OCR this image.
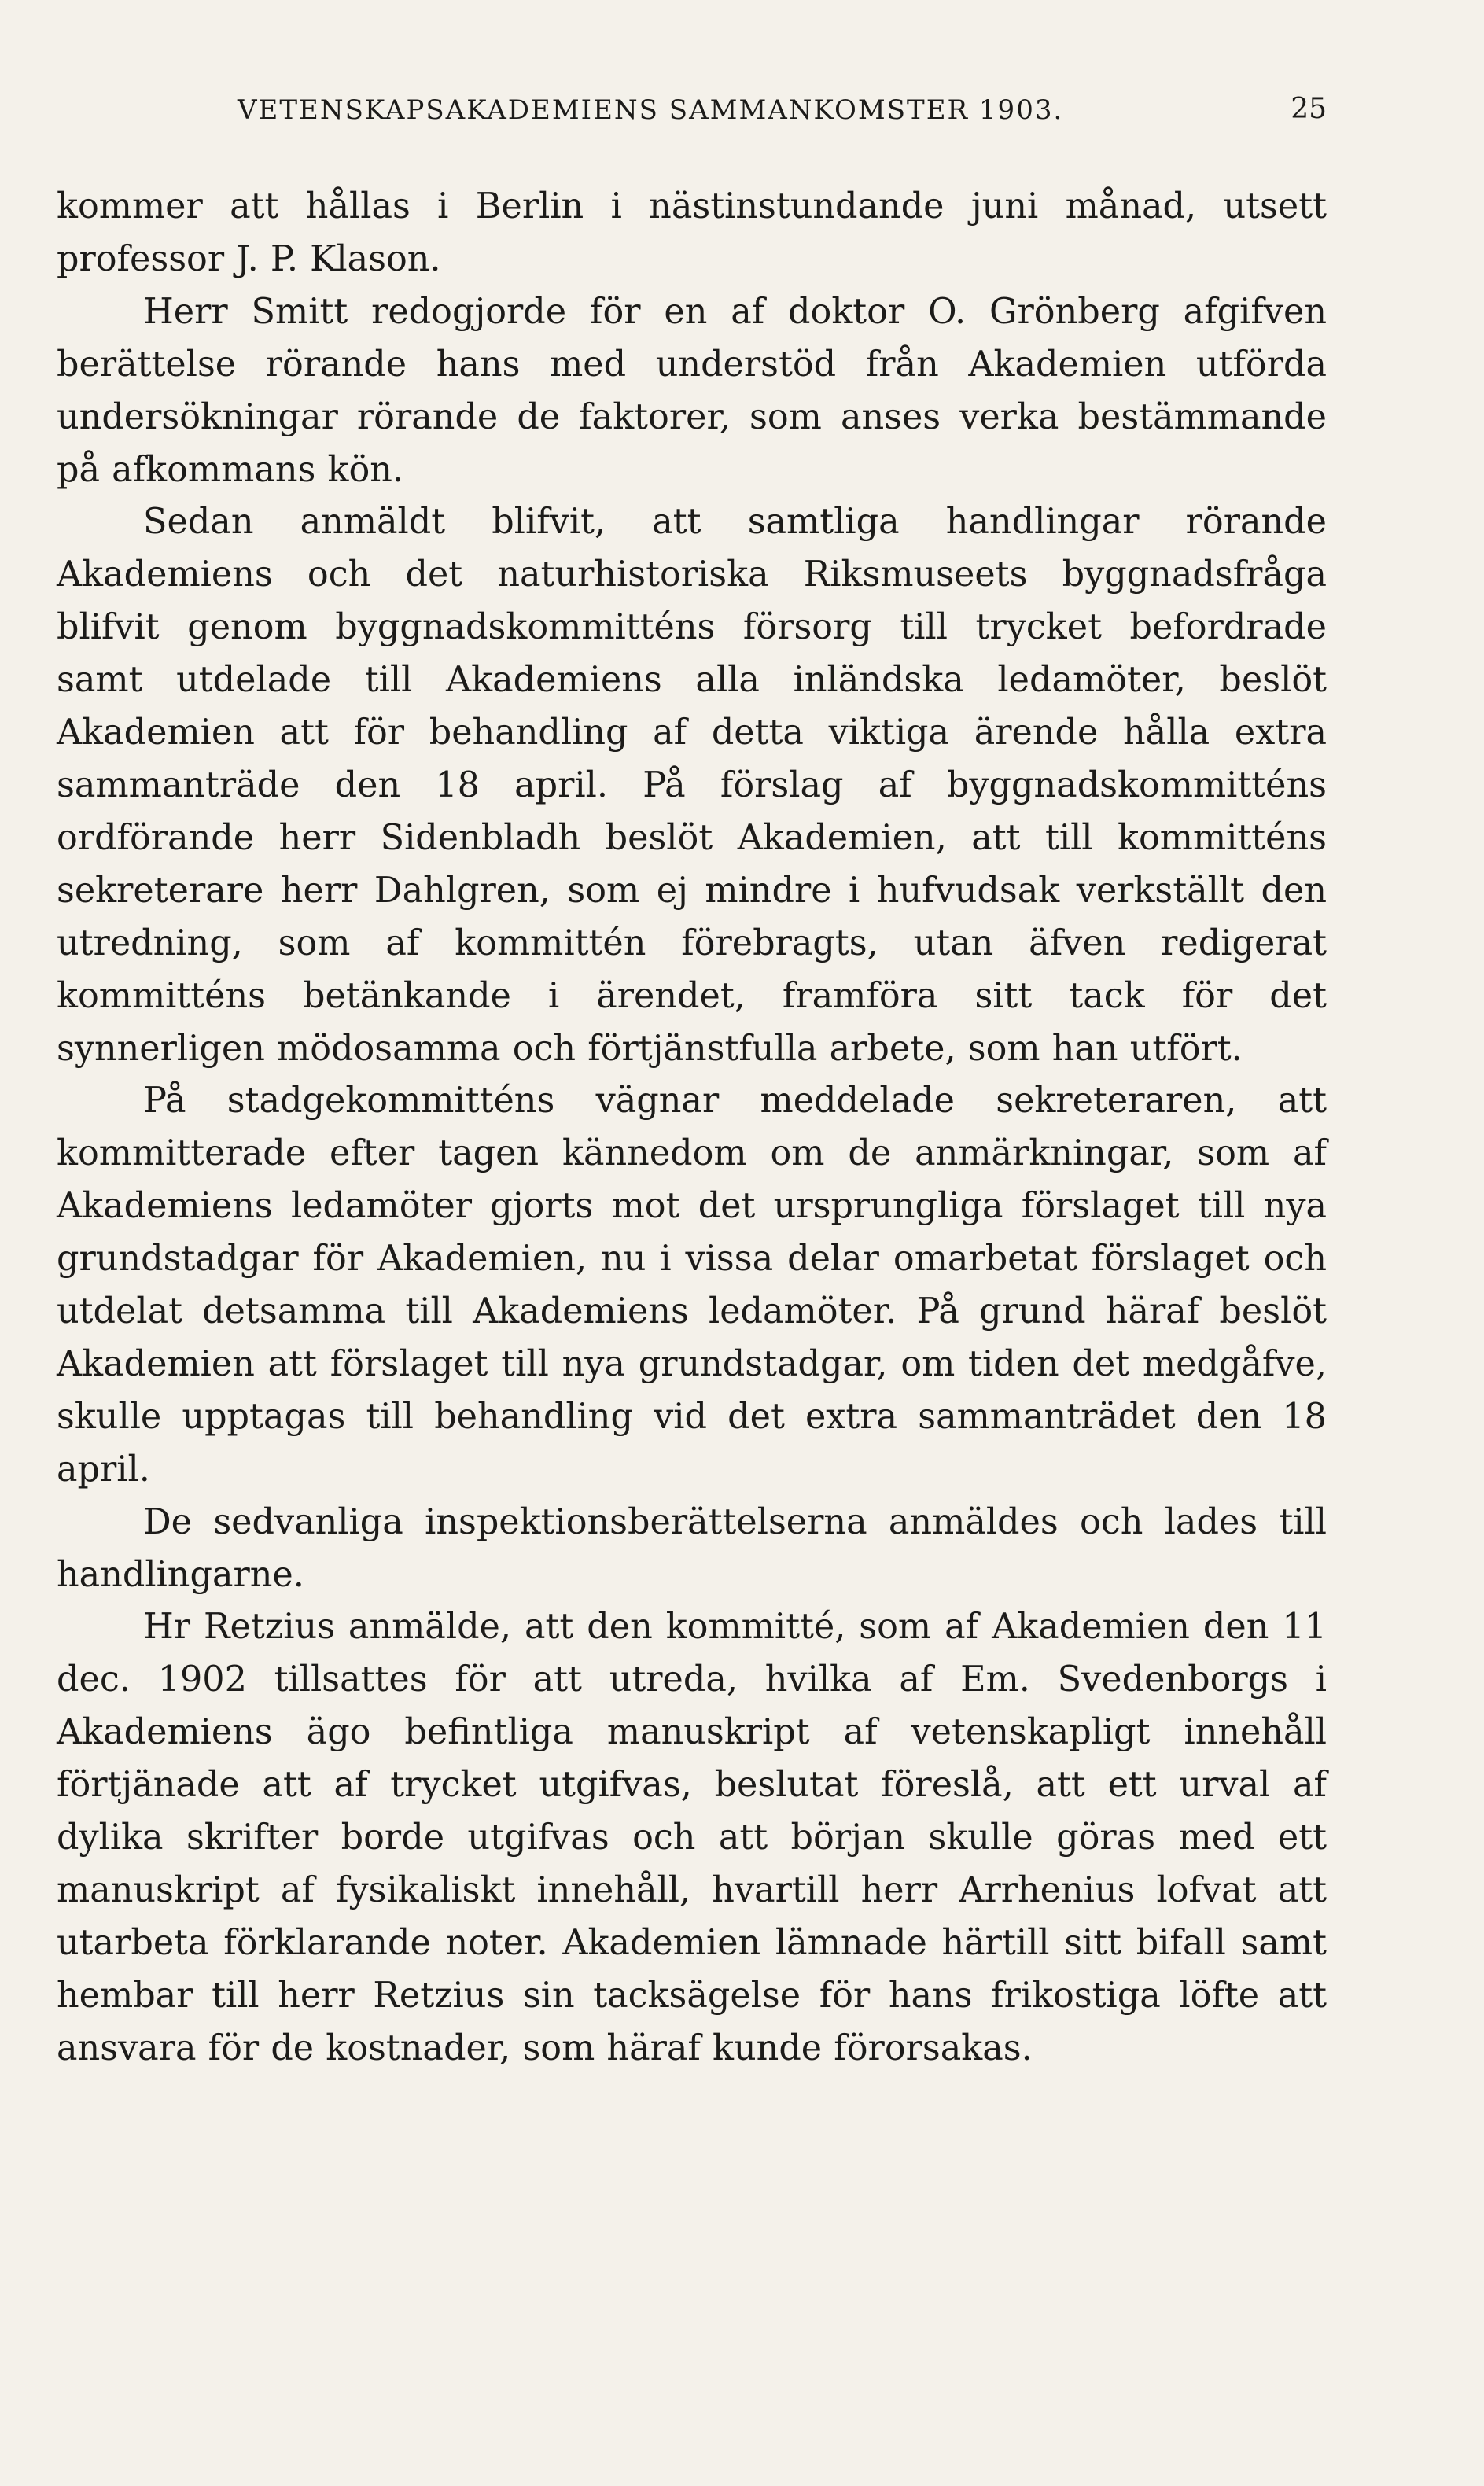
VETENSKAPSAKADEMIENS SAMMANKOMSTER 1903.	25

kommer att hållas i Berlin i nästinstundande juni månad, utsett professor J. P. Klason.

Herr Smitt redogjorde för en af doktor O. Grönberg afgifven berättelse rörande hans med understöd från Akademien utförda undersökningar rörande de faktorer, som anses verka bestämmande på afkommans kön.

Sedan anmäldt blifvit, att samtliga handlingar rörande Akademiens och det naturhistoriska Riksmuseets byggnadsfråga blifvit genom byggnadskommitténs försorg till trycket befordrade samt utdelade till Akademiens alla inländska ledamöter, beslöt Akademien att för behandling af detta viktiga ärende hålla extra sammanträde den 18 april. På förslag af byggnadskommitténs ordförande herr Sidenbladh beslöt Akademien, att till kommitténs sekreterare herr Dahlgren, som ej mindre i hufvudsak verkställt den utredning, som af kommittén förebragts, utan äfven redigerat kommitténs betänkande i ärendet, framföra sitt tack för det synnerligen mödosamma och förtjänstfulla arbete, som han utfört.

På stadgekommitténs vägnar meddelade sekreteraren, att kommitterade efter tagen kännedom om de anmärkningar, som af Akademiens ledamöter gjorts mot det ursprungliga förslaget till nya grundstadgar för Akademien, nu i vissa delar omarbetat förslaget och utdelat detsamma till Akademiens ledamöter. På grund häraf beslöt Akademien att förslaget till nya grundstadgar, om tiden det medgåfve, skulle upptagas till behandling vid det extra sammanträdet den 18 april.

De sedvanliga inspektionsberättelserna anmäldes och lades till handlingarne.

Hr Retzius anmälde, att den kommitté, som af Akademien den 11 dec. 1902 tillsattes för att utreda, hvilka af Em. Svedenborgs i Akademiens ägo befintliga manuskript af vetenskapligt innehåll förtjänade att af trycket utgifvas, beslutat föreslå, att ett urval af dylika skrifter borde utgifvas och att början skulle göras med ett manuskript af fysikaliskt innehåll, hvartill herr Arrhenius lofvat att utarbeta förklarande noter. Akademien lämnade härtill sitt bifall samt hembar till herr Retzius sin tacksägelse för hans frikostiga löfte att ansvara för de kostnader, som häraf kunde förorsakas.
